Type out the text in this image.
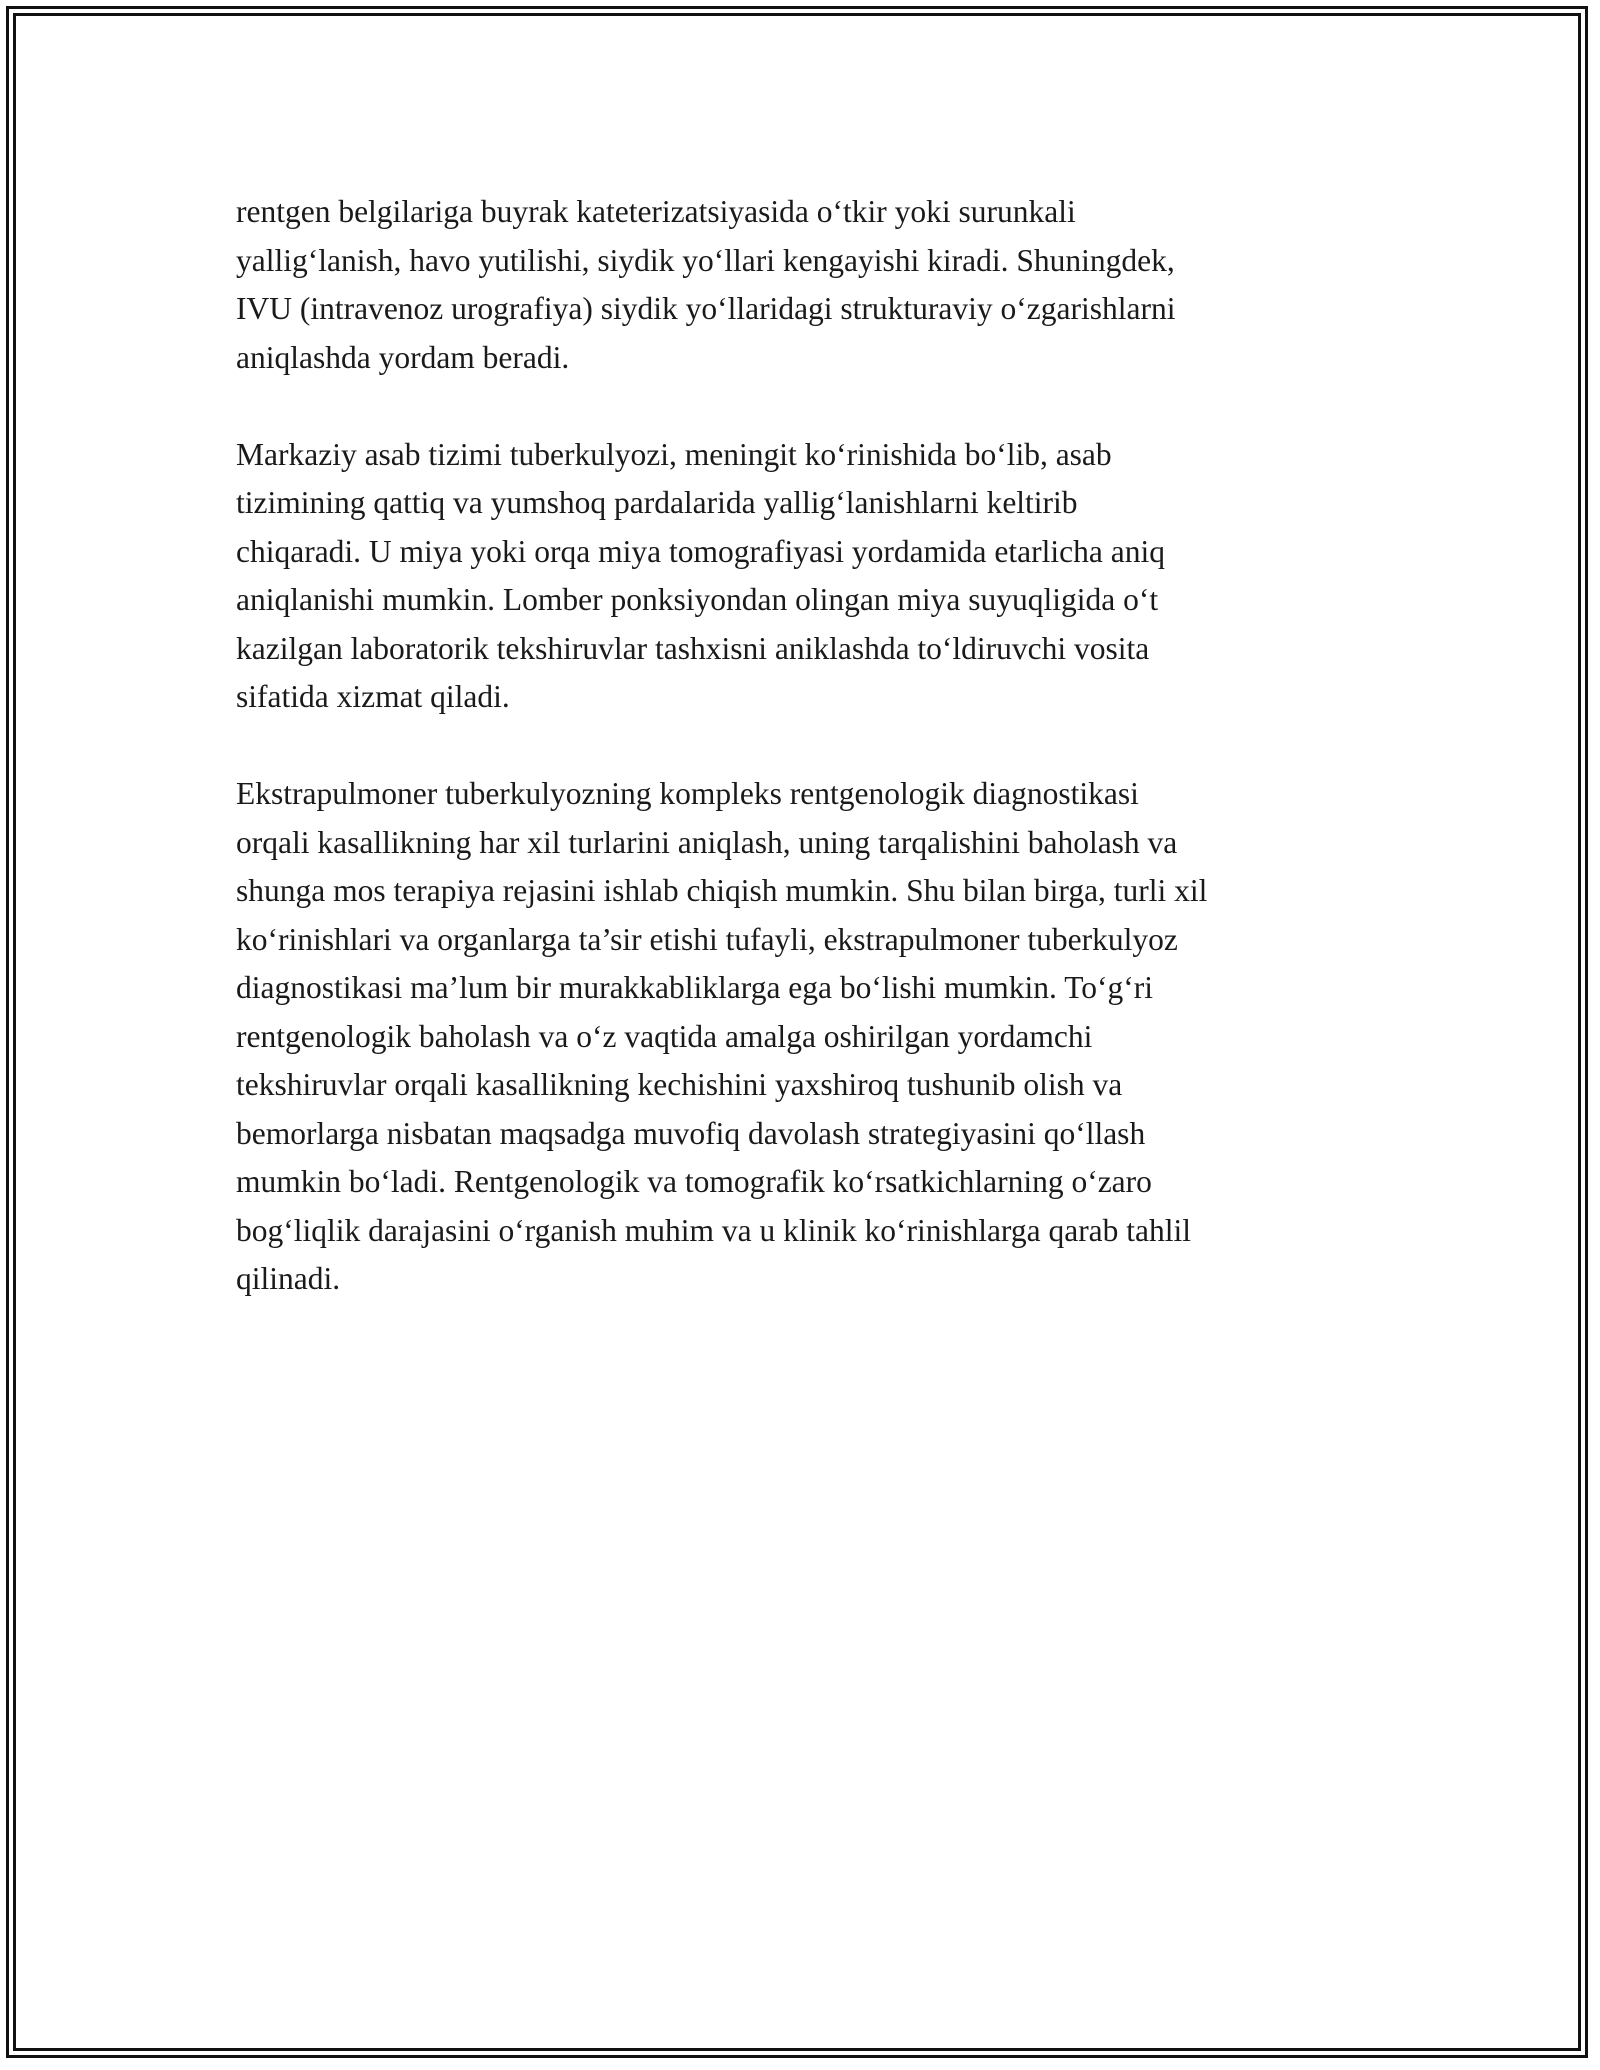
rentgen belgilariga buyrak kateterizatsiyasida o‘tkir yoki surunkali
yallig‘lanish, havo yutilishi, siydik yo‘llari kengayishi kiradi. Shuningdek,
IVU (intravenoz urografiya) siydik yo‘llaridagi strukturaviy o‘zgarishlarni
aniqlashda yordam beradi.

Markaziy asab tizimi tuberkulyozi, meningit ko‘rinishida bo‘lib, asab
tizimining qattiq va yumshoq pardalarida yallig‘lanishlarni keltirib
chiqaradi. U miya yoki orqa miya tomografiyasi yordamida etarlicha aniq
aniqlanishi mumkin. Lomber ponksiyondan olingan miya suyuqligida o‘t
kazilgan laboratorik tekshiruvlar tashxisni aniklashda to‘ldiruvchi vosita
sifatida xizmat qiladi.

Ekstrapulmoner tuberkulyozning kompleks rentgenologik diagnostikasi
orqali kasallikning har xil turlarini aniqlash, uning tarqalishini baholash va
shunga mos terapiya rejasini ishlab chiqish mumkin. Shu bilan birga, turli xil
ko‘rinishlari va organlarga ta’sir etishi tufayli, ekstrapulmoner tuberkulyoz
diagnostikasi ma’lum bir murakkabliklarga ega bo‘lishi mumkin. To‘g‘ri
rentgenologik baholash va o‘z vaqtida amalga oshirilgan yordamchi
tekshiruvlar orqali kasallikning kechishini yaxshiroq tushunib olish va
bemorlarga nisbatan maqsadga muvofiq davolash strategiyasini qo‘llash
mumkin bo‘ladi. Rentgenologik va tomografik ko‘rsatkichlarning o‘zaro
bog‘liqlik darajasini o‘rganish muhim va u klinik ko‘rinishlarga qarab tahlil
qilinadi.
